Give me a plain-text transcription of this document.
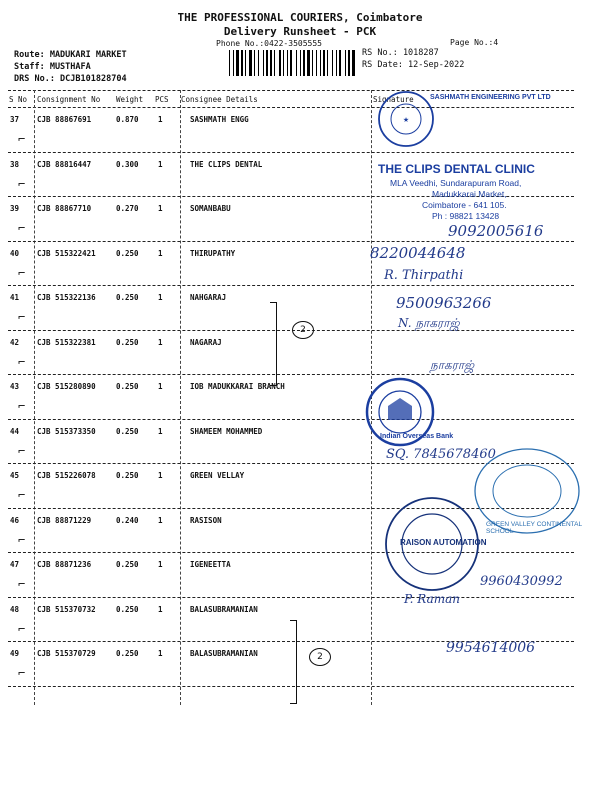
THE PROFESSIONAL COURIERS, Coimbatore
Delivery Runsheet - PCK
Phone No.:0422-3505555	Page No.:4
Route: MADUKARI MARKET
Staff: MUSTHAFA
DRS No.: DCJB101828704
RS No.: 1018287
RS Date: 12-Sep-2022
S No Consignment No Weight PCS Consignee Details	Signature
37 CJB 88867691	0.870	1	SASHMATH ENGG
⌐
38 CJB 88816447	0.300	1	THE CLIPS DENTAL
⌐
39 CJB 88867710	0.270	1	SOMANBABU
⌐
40 CJB 515322421	0.250	1	THIRUPATHY
⌐
41 CJB 515322136	0.250	1	NAHGARAJ
⌐
42 CJB 515322381	0.250	1	NAGARAJ
⌐
43 CJB 515280890	0.250	1	IOB MADUKKARAI BRANCH
⌐
44 CJB 515373350	0.250	1	SHAMEEM MOHAMMED
⌐
45 CJB 515226078	0.250	1	GREEN VELLAY
⌐
46 CJB 88871229	0.240	1	RASISON
⌐
47 CJB 88871236	0.250	1	IGENEETTA
⌐
48 CJB 515370732	0.250	1	BALASUBRAMANIAN
⌐
49 CJB 515370729	0.250	1	BALASUBRAMANIAN
⌐
2
2
★
SASHMATH ENGINEERING PVT LTD
THE CLIPS DENTAL CLINIC
MLA Veedhi, Sundarapuram Road,
Madukkarai Market,
Coimbatore - 641 105.
Ph : 98821 13428
Indian Overseas Bank
GREEN VALLEY CONTINENTAL SCHOOL
RAISON AUTOMATION
9092005616
8220044648
R. Thirpathi
9500963266
N. நாகராஜ்
நாகராஜ்
SQ. 7845678460
P. Raman
9960430992
9954614006
